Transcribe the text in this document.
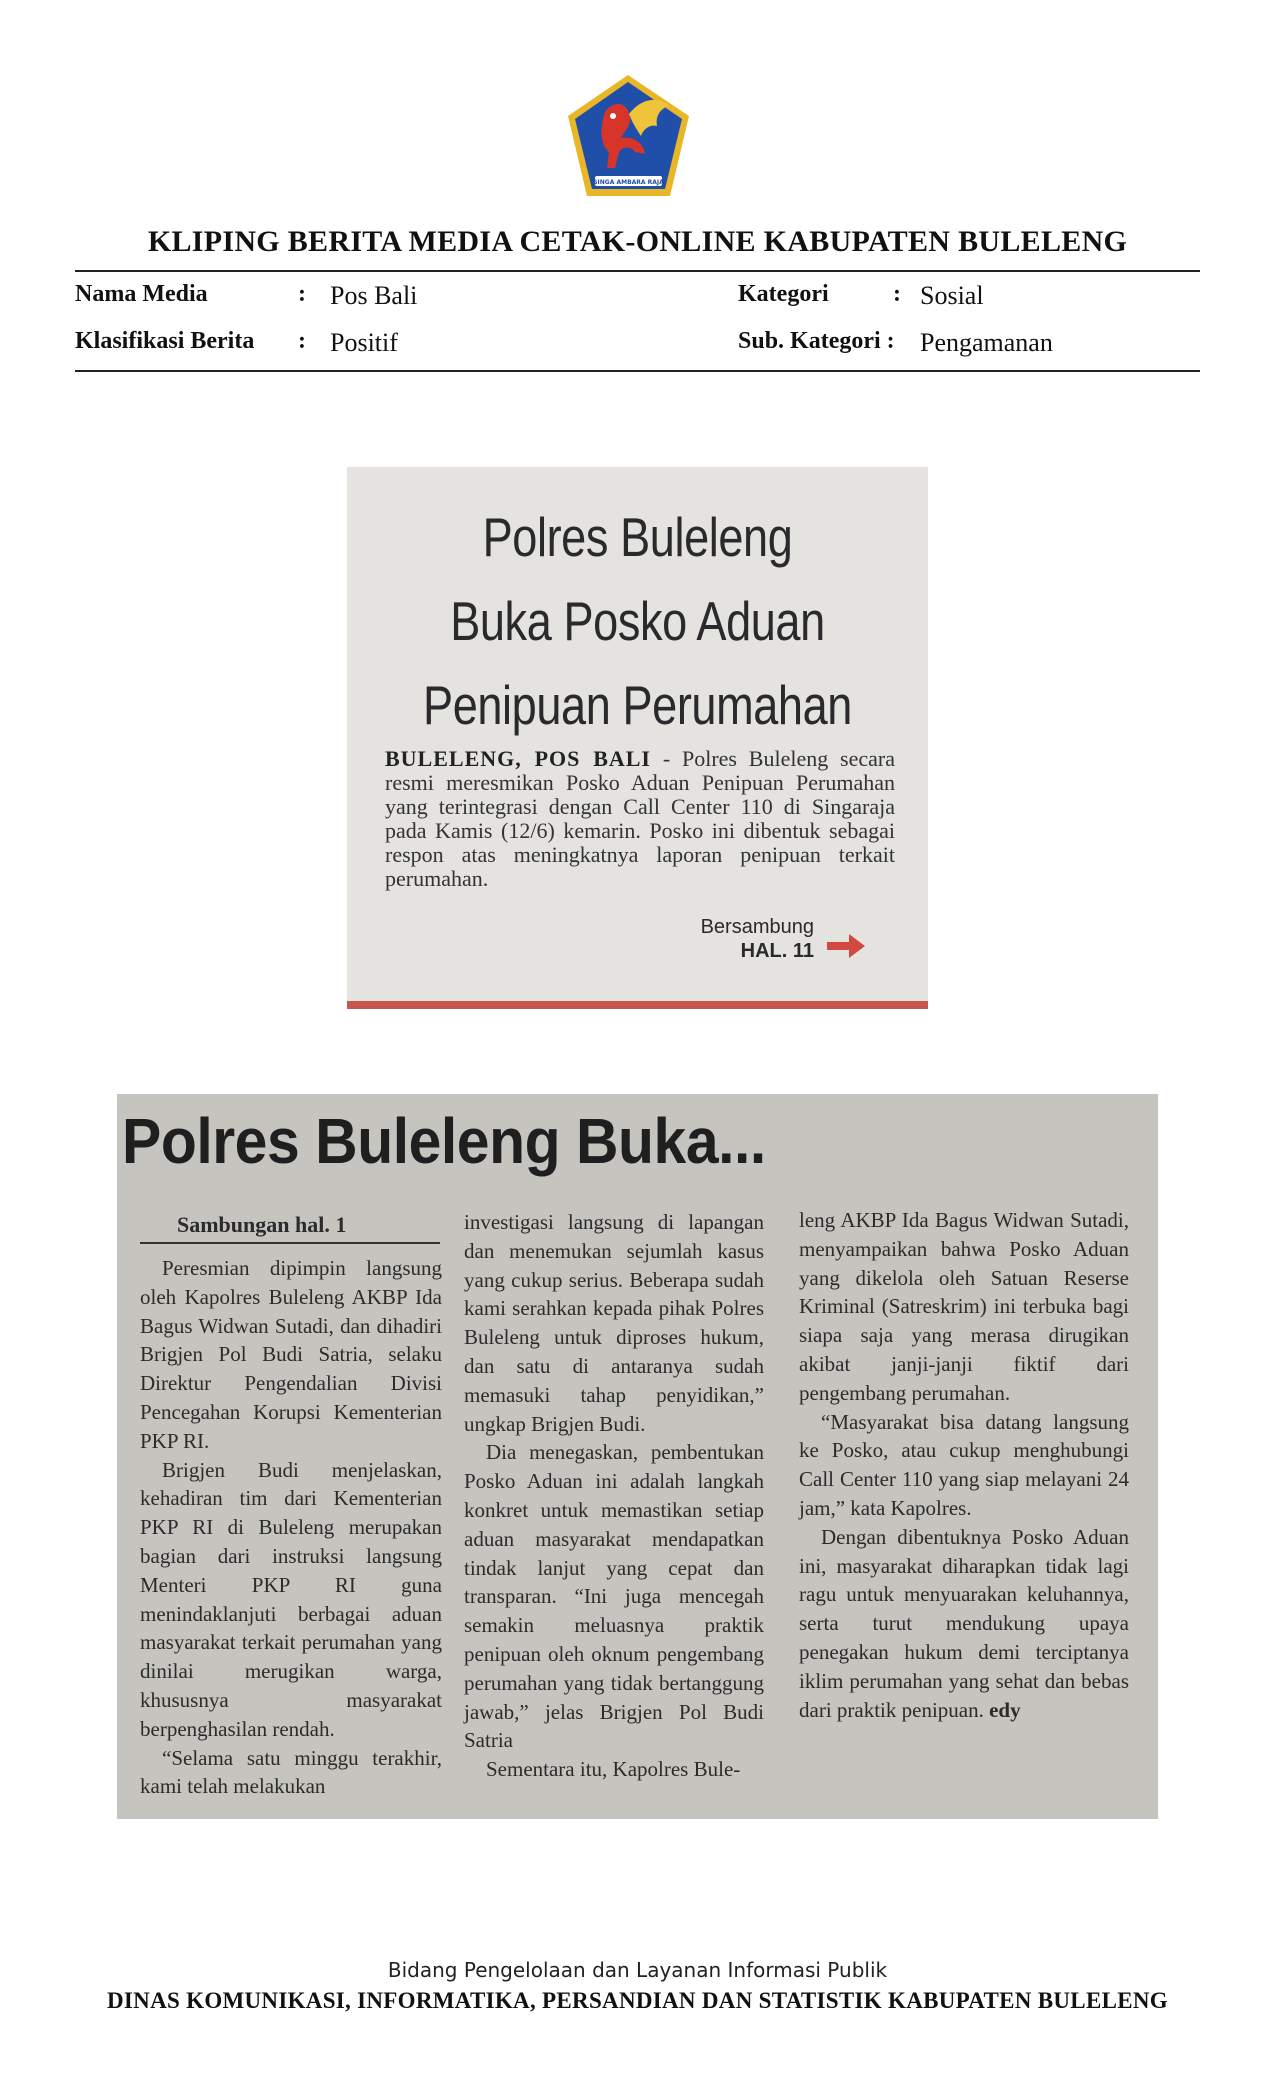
SINGA AMBARA RAJA
KLIPING BERITA MEDIA CETAK-ONLINE KABUPATEN BULELENG
Nama Media	: Pos Bali
Klasifikasi Berita : Positif
Kategori	: Sosial
Sub. Kategori : Pengamanan
Polres Buleleng
Buka Posko Aduan
Penipuan Perumahan
BULELENG, POS BALI - Polres Buleleng secara resmi meresmikan Posko Aduan Penipuan Perumahan yang terintegrasi dengan Call Center 110 di Singaraja pada Kamis (12/6) kemarin. Posko ini dibentuk sebagai respon atas meningkatnya laporan penipuan terkait perumahan.
Bersambung
HAL. 11
Polres Buleleng Buka...
Sambungan hal. 1

Peresmian dipimpin langsung oleh Kapolres Buleleng AKBP Ida Bagus Widwan Sutadi, dan dihadiri Brigjen Pol Budi Satria, selaku Direktur Pengendalian Divisi Pencegahan Korupsi Kementerian PKP RI.

Brigjen Budi menjelaskan, kehadiran tim dari Kementerian PKP RI di Buleleng merupakan bagian dari instruksi langsung Menteri PKP RI guna menindaklanjuti berbagai aduan masyarakat terkait perumahan yang dinilai merugikan warga, khususnya masyarakat berpenghasilan rendah.

“Selama satu minggu terakhir, kami telah melakukan

investigasi langsung di lapangan dan menemukan sejumlah kasus yang cukup serius. Beberapa sudah kami serahkan kepada pihak Polres Buleleng untuk diproses hukum, dan satu di antaranya sudah memasuki tahap penyidikan,” ungkap Brigjen Budi.

Dia menegaskan, pembentukan Posko Aduan ini adalah langkah konkret untuk memastikan setiap aduan masyarakat mendapatkan tindak lanjut yang cepat dan transparan. “Ini juga mencegah semakin meluasnya praktik penipuan oleh oknum pengembang perumahan yang tidak bertanggung jawab,” jelas Brigjen Pol Budi Satria

Sementara itu, Kapolres Bule-

leng AKBP Ida Bagus Widwan Sutadi, menyampaikan bahwa Posko Aduan yang dikelola oleh Satuan Reserse Kriminal (Satreskrim) ini terbuka bagi siapa saja yang merasa dirugikan akibat janji-janji fiktif dari pengembang perumahan.

“Masyarakat bisa datang langsung ke Posko, atau cukup menghubungi Call Center 110 yang siap melayani 24 jam,” kata Kapolres.

Dengan dibentuknya Posko Aduan ini, masyarakat diharapkan tidak lagi ragu untuk menyuarakan keluhannya, serta turut mendukung upaya penegakan hukum demi terciptanya iklim perumahan yang sehat dan bebas dari praktik penipuan. edy

Bidang Pengelolaan dan Layanan Informasi Publik
DINAS KOMUNIKASI, INFORMATIKA, PERSANDIAN DAN STATISTIK KABUPATEN BULELENG
